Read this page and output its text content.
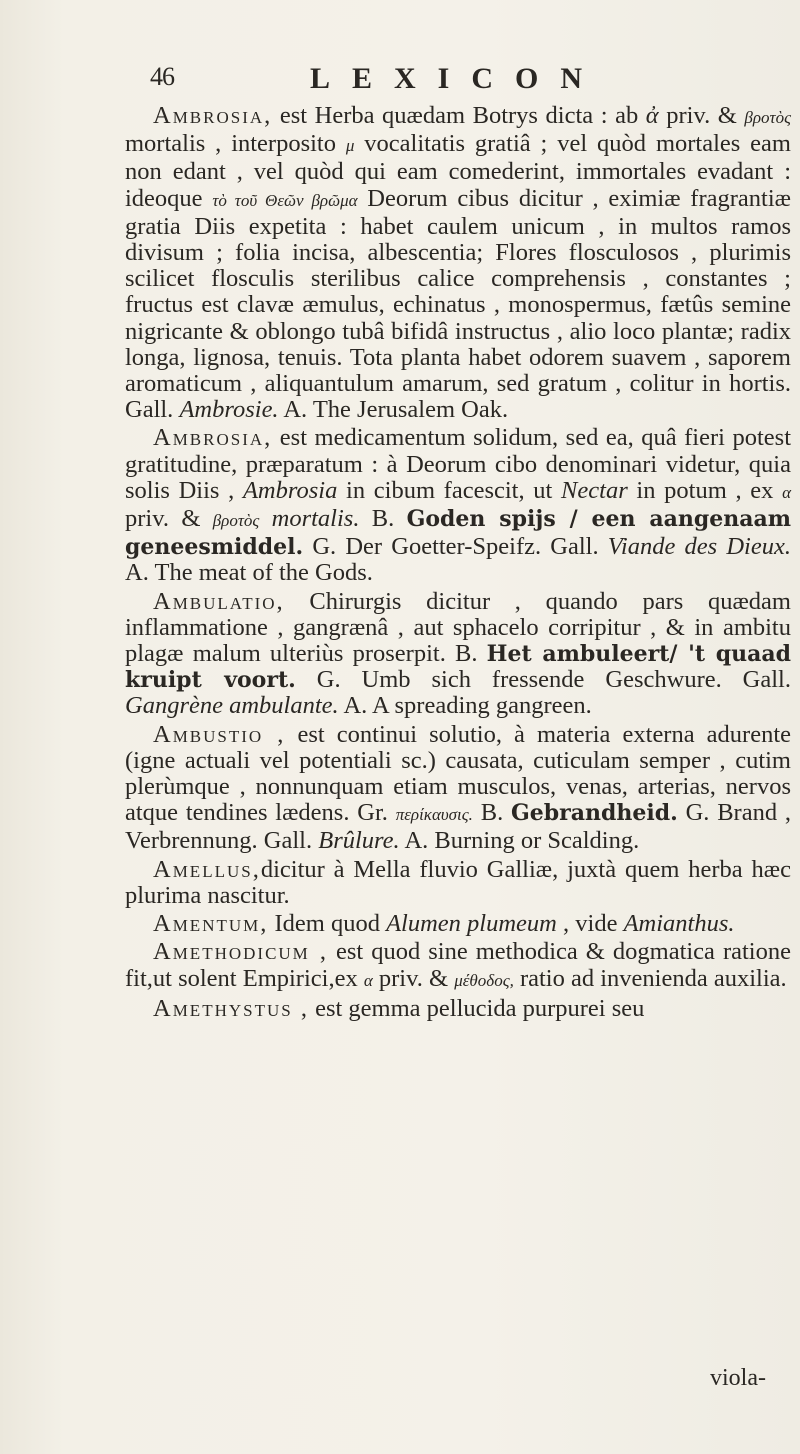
46	LEXICON

Ambrosia, est Herba quædam Botrys dicta : ab ἀ priv. & βροτὸς mortalis , interposito μ vocalitatis gratiâ ; vel quòd mortales eam non edant , vel quòd qui eam comederint, immortales evadant : ideoque τὸ τοῦ Θεῶν βρῶμα Deorum cibus dicitur , eximiæ fragrantiæ gratia Diis expetita : habet caulem unicum , in multos ramos divisum ; folia incisa, albescentia; Flores flosculosos , plurimis scilicet flosculis sterilibus calice comprehensis , constantes ; fructus est clavæ æmulus, echinatus , monospermus, fætûs semine nigricante & oblongo tubâ bifidâ instructus , alio loco plantæ; radix longa, lignosa, tenuis. Tota planta habet odorem suavem , saporem aromaticum , aliquantulum amarum, sed gratum , colitur in hortis. Gall. Ambrosie. A. The Jerusalem Oak.

Ambrosia, est medicamentum solidum, sed ea, quâ fieri potest gratitudine, præparatum : à Deorum cibo denominari videtur, quia solis Diis , Ambrosia in cibum facescit, ut Nectar in potum , ex α priv. & βροτὸς mortalis. B. Goden spijs / een aangenaam geneesmiddel. G. Der Goetter-Speifz. Gall. Viande des Dieux. A. The meat of the Gods.

Ambulatio, Chirurgis dicitur , quando pars quædam inflammatione , gangrænâ , aut sphacelo corripitur , & in ambitu plagæ malum ulteriùs proserpit. B. Het ambuleert/ 't quaad kruipt voort. G. Umb sich fressende Geschwure. Gall. Gangrène ambulante. A. A spreading gangreen.

Ambustio , est continui solutio, à materia externa adurente (igne actuali vel potentiali sc.) causata, cuticulam semper , cutim plerùmque , nonnunquam etiam musculos, venas, arterias, nervos atque tendines lædens. Gr. περίκαυσις. B. Gebrandheid. G. Brand , Verbrennung. Gall. Brûlure. A. Burning or Scalding.

Amellus,dicitur à Mella fluvio Galliæ, juxtà quem herba hæc plurima nascitur.

Amentum, Idem quod Alumen plumeum , vide Amianthus.

Amethodicum , est quod sine methodica & dogmatica ratione fit,ut solent Empirici,ex α priv. & μέθοδος, ratio ad invenienda auxilia.

Amethystus , est gemma pellucida purpurei seu

viola-
